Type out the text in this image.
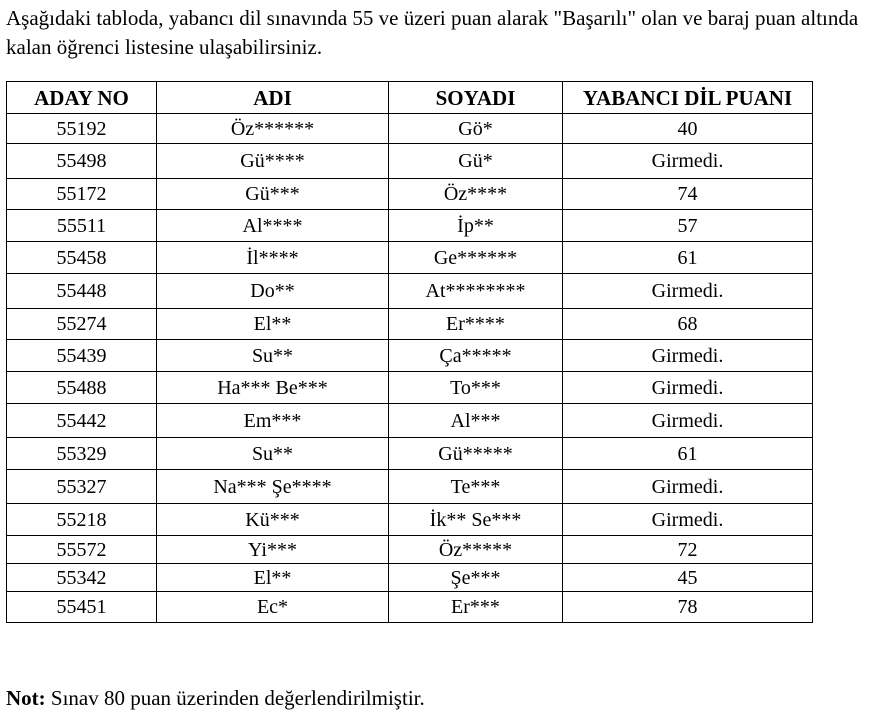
Aşağıdaki tabloda, yabancı dil sınavında 55 ve üzeri puan alarak "Başarılı" olan ve baraj puan altında kalan öğrenci listesine ulaşabilirsiniz.

ADAY NO	ADI	SOYADI	YABANCI DİL PUANI
55192	Öz******	Gö*	40
55498	Gü****	Gü*	Girmedi.
55172	Gü***	Öz****	74
55511	Al****	İp**	57
55458	İl****	Ge******	61
55448	Do**	At********	Girmedi.
55274	El**	Er****	68
55439	Su**	Ça*****	Girmedi.
55488	Ha*** Be***	To***	Girmedi.
55442	Em***	Al***	Girmedi.
55329	Su**	Gü*****	61
55327	Na*** Şe****	Te***	Girmedi.
55218	Kü***	İk** Se***	Girmedi.
55572	Yi***	Öz*****	72
55342	El**	Şe***	45
55451	Ec*	Er***	78

Not: Sınav 80 puan üzerinden değerlendirilmiştir.
